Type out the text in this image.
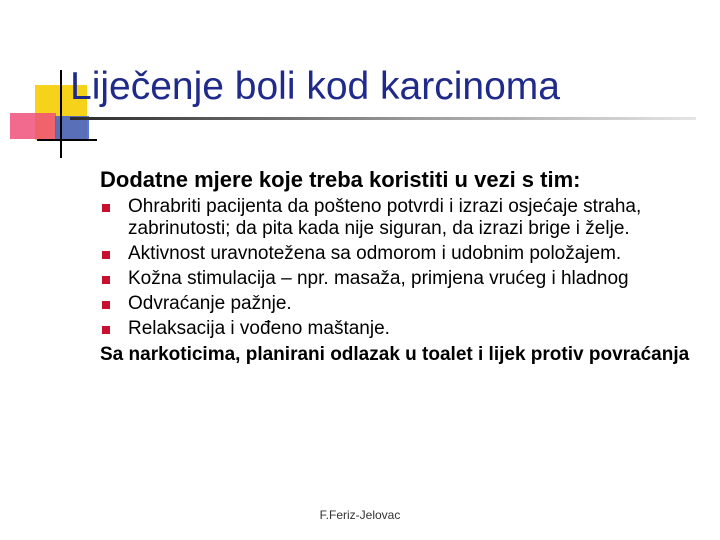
Liječenje boli kod karcinoma

Dodatne mjere koje treba koristiti u vezi s tim:

Ohrabriti pacijenta da pošteno potvrdi i izrazi osjećaje straha, zabrinutosti; da pita kada nije siguran, da izrazi brige i želje.
Aktivnost uravnotežena sa odmorom i udobnim položajem.
Kožna stimulacija – npr. masaža, primjena vrućeg i hladnog
Odvraćanje pažnje.
Relaksacija i vođeno maštanje.

Sa narkoticima, planirani odlazak u toalet i lijek protiv povraćanja

F.Feriz-Jelovac
